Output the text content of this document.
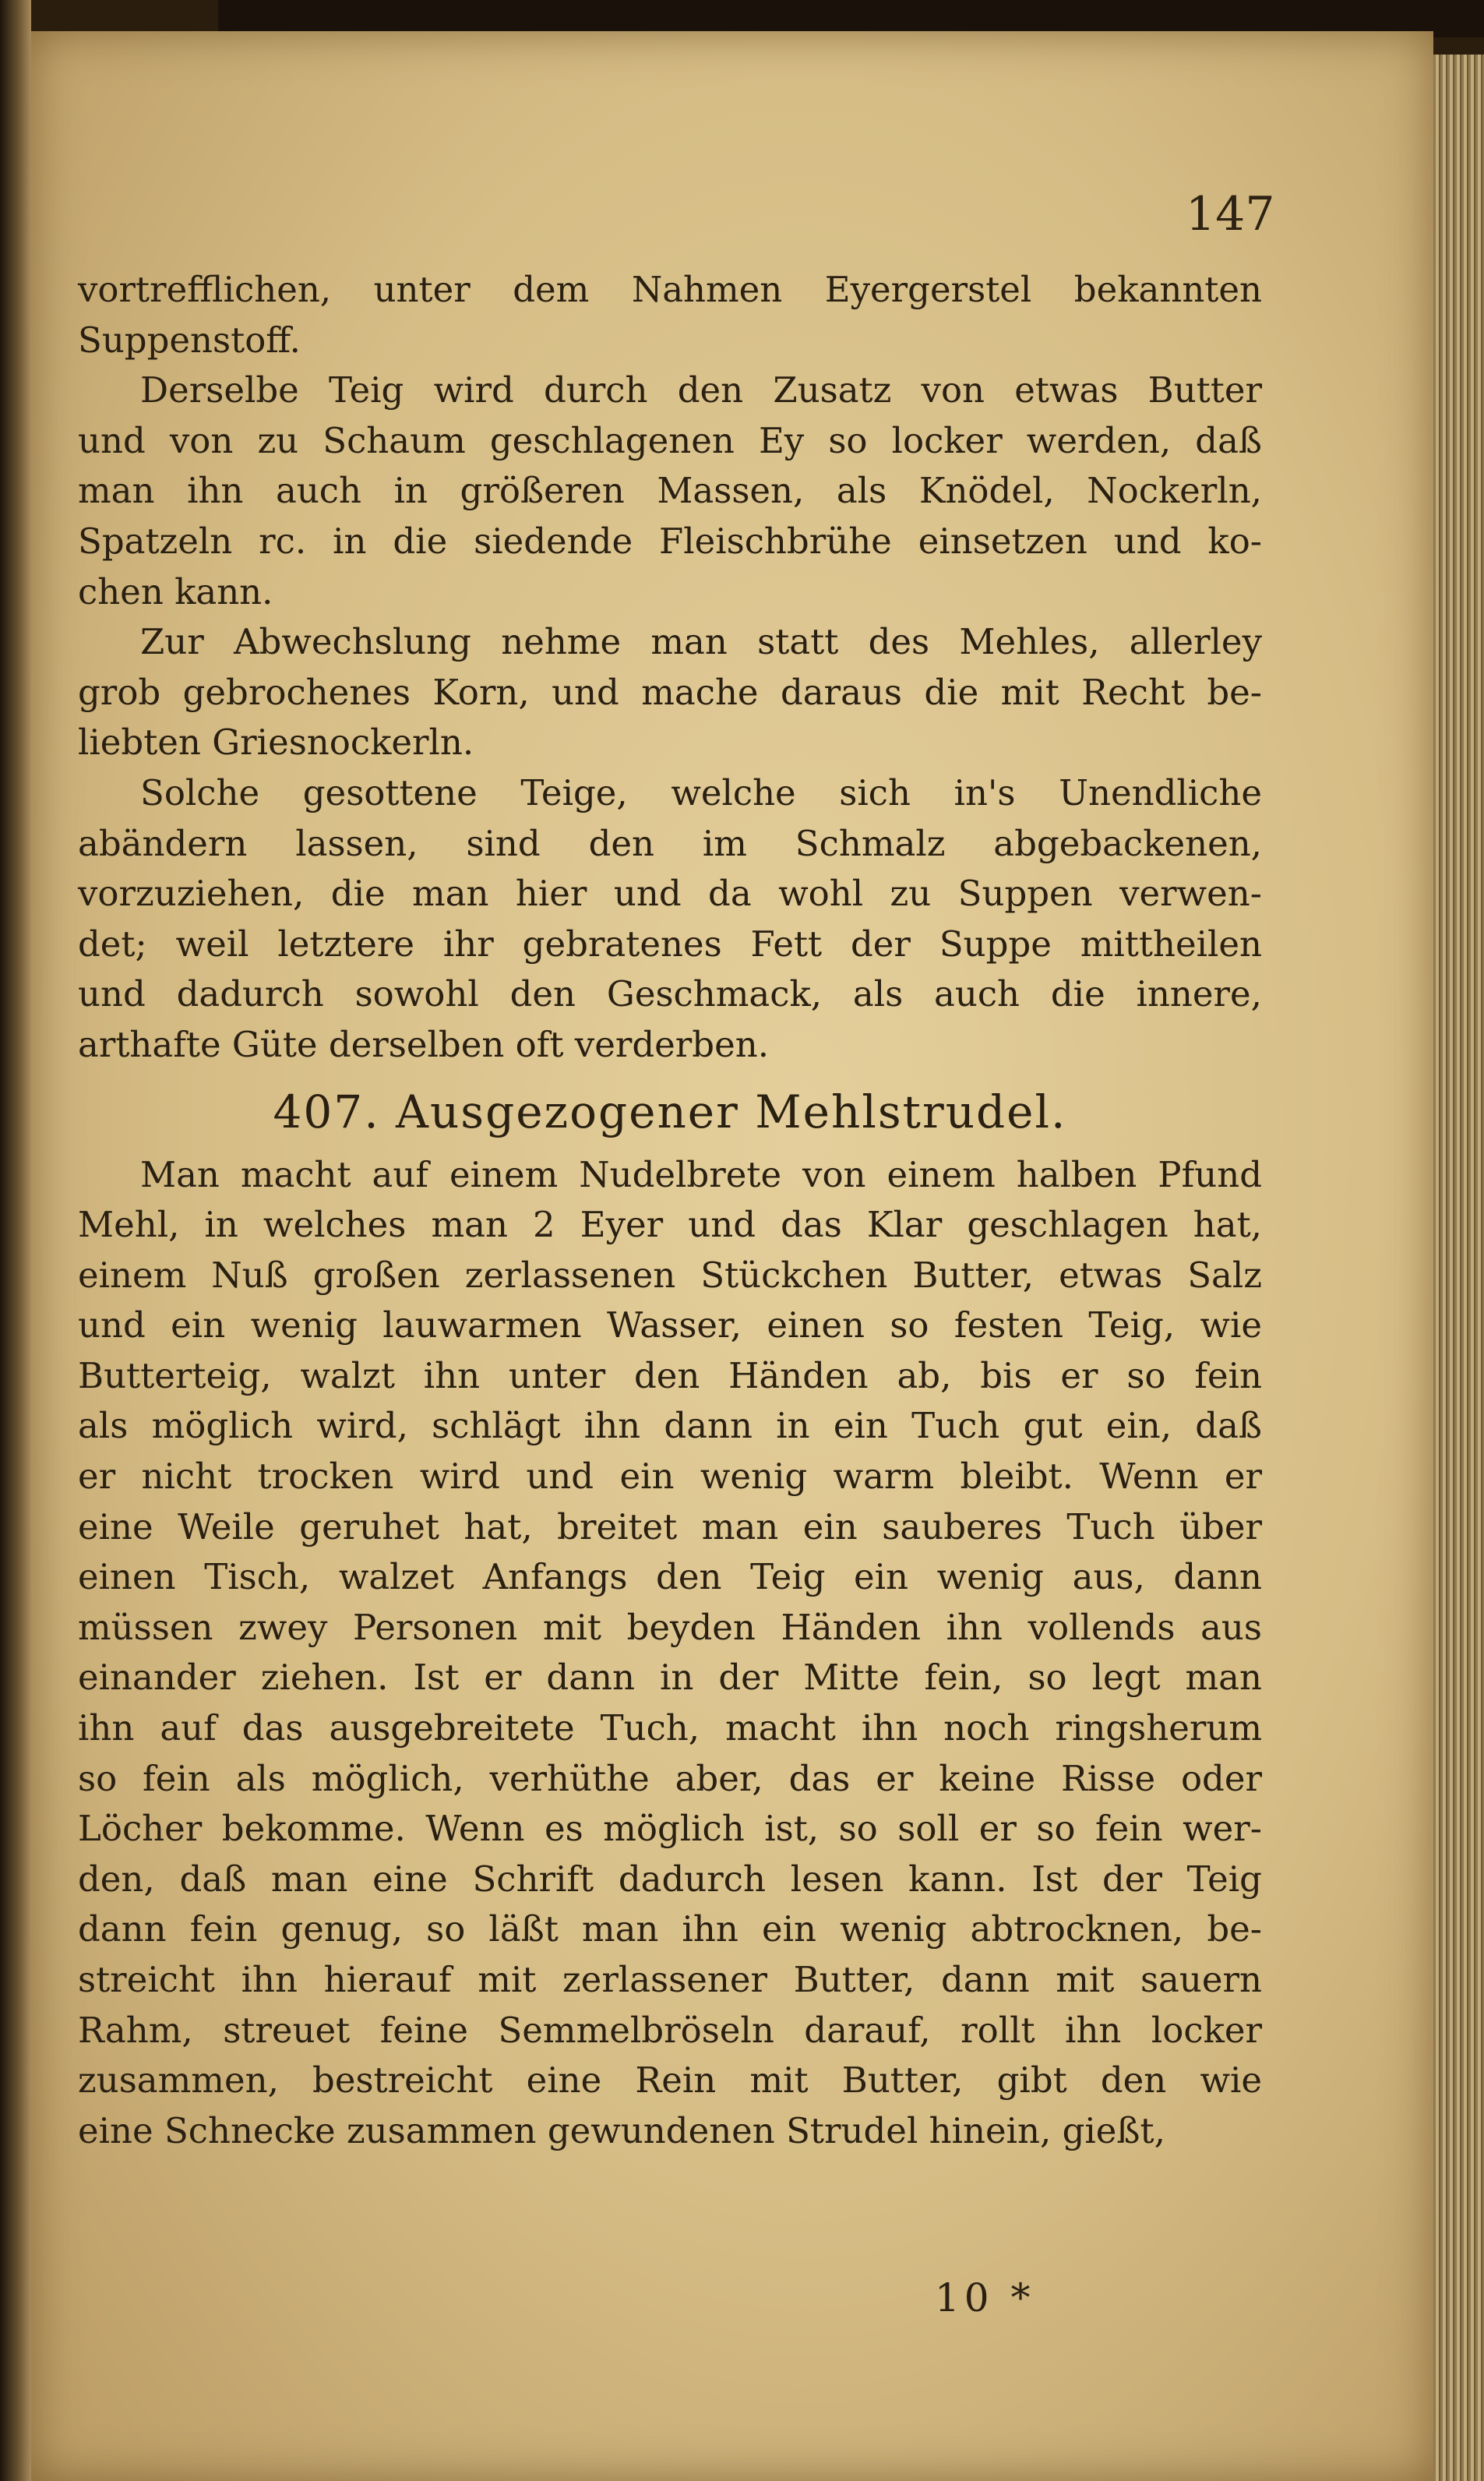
147
vortrefflichen, unter dem Nahmen Eyergerstel bekannten
Suppenstoff.
Derselbe Teig wird durch den Zusatz von etwas Butter
und von zu Schaum geschlagenen Ey so locker werden, daß
man ihn auch in größeren Massen, als Knödel, Nockerln,
Spatzeln rc. in die siedende Fleischbrühe einsetzen und ko-
chen kann.
Zur Abwechslung nehme man statt des Mehles, allerley
grob gebrochenes Korn, und mache daraus die mit Recht be-
liebten Griesnockerln.
Solche gesottene Teige, welche sich in's Unendliche
abändern lassen, sind den im Schmalz abgebackenen,
vorzuziehen, die man hier und da wohl zu Suppen verwen-
det; weil letztere ihr gebratenes Fett der Suppe mittheilen
und dadurch sowohl den Geschmack, als auch die innere,
arthafte Güte derselben oft verderben.
407. Ausgezogener Mehlstrudel.
Man macht auf einem Nudelbrete von einem halben Pfund
Mehl, in welches man 2 Eyer und das Klar geschlagen hat,
einem Nuß großen zerlassenen Stückchen Butter, etwas Salz
und ein wenig lauwarmen Wasser, einen so festen Teig, wie
Butterteig, walzt ihn unter den Händen ab, bis er so fein
als möglich wird, schlägt ihn dann in ein Tuch gut ein, daß
er nicht trocken wird und ein wenig warm bleibt. Wenn er
eine Weile geruhet hat, breitet man ein sauberes Tuch über
einen Tisch, walzet Anfangs den Teig ein wenig aus, dann
müssen zwey Personen mit beyden Händen ihn vollends aus
einander ziehen. Ist er dann in der Mitte fein, so legt man
ihn auf das ausgebreitete Tuch, macht ihn noch ringsherum
so fein als möglich, verhüthe aber, das er keine Risse oder
Löcher bekomme. Wenn es möglich ist, so soll er so fein wer-
den, daß man eine Schrift dadurch lesen kann. Ist der Teig
dann fein genug, so läßt man ihn ein wenig abtrocknen, be-
streicht ihn hierauf mit zerlassener Butter, dann mit sauern
Rahm, streuet feine Semmelbröseln darauf, rollt ihn locker
zusammen, bestreicht eine Rein mit Butter, gibt den wie
eine Schnecke zusammen gewundenen Strudel hinein, gießt,
10 *
